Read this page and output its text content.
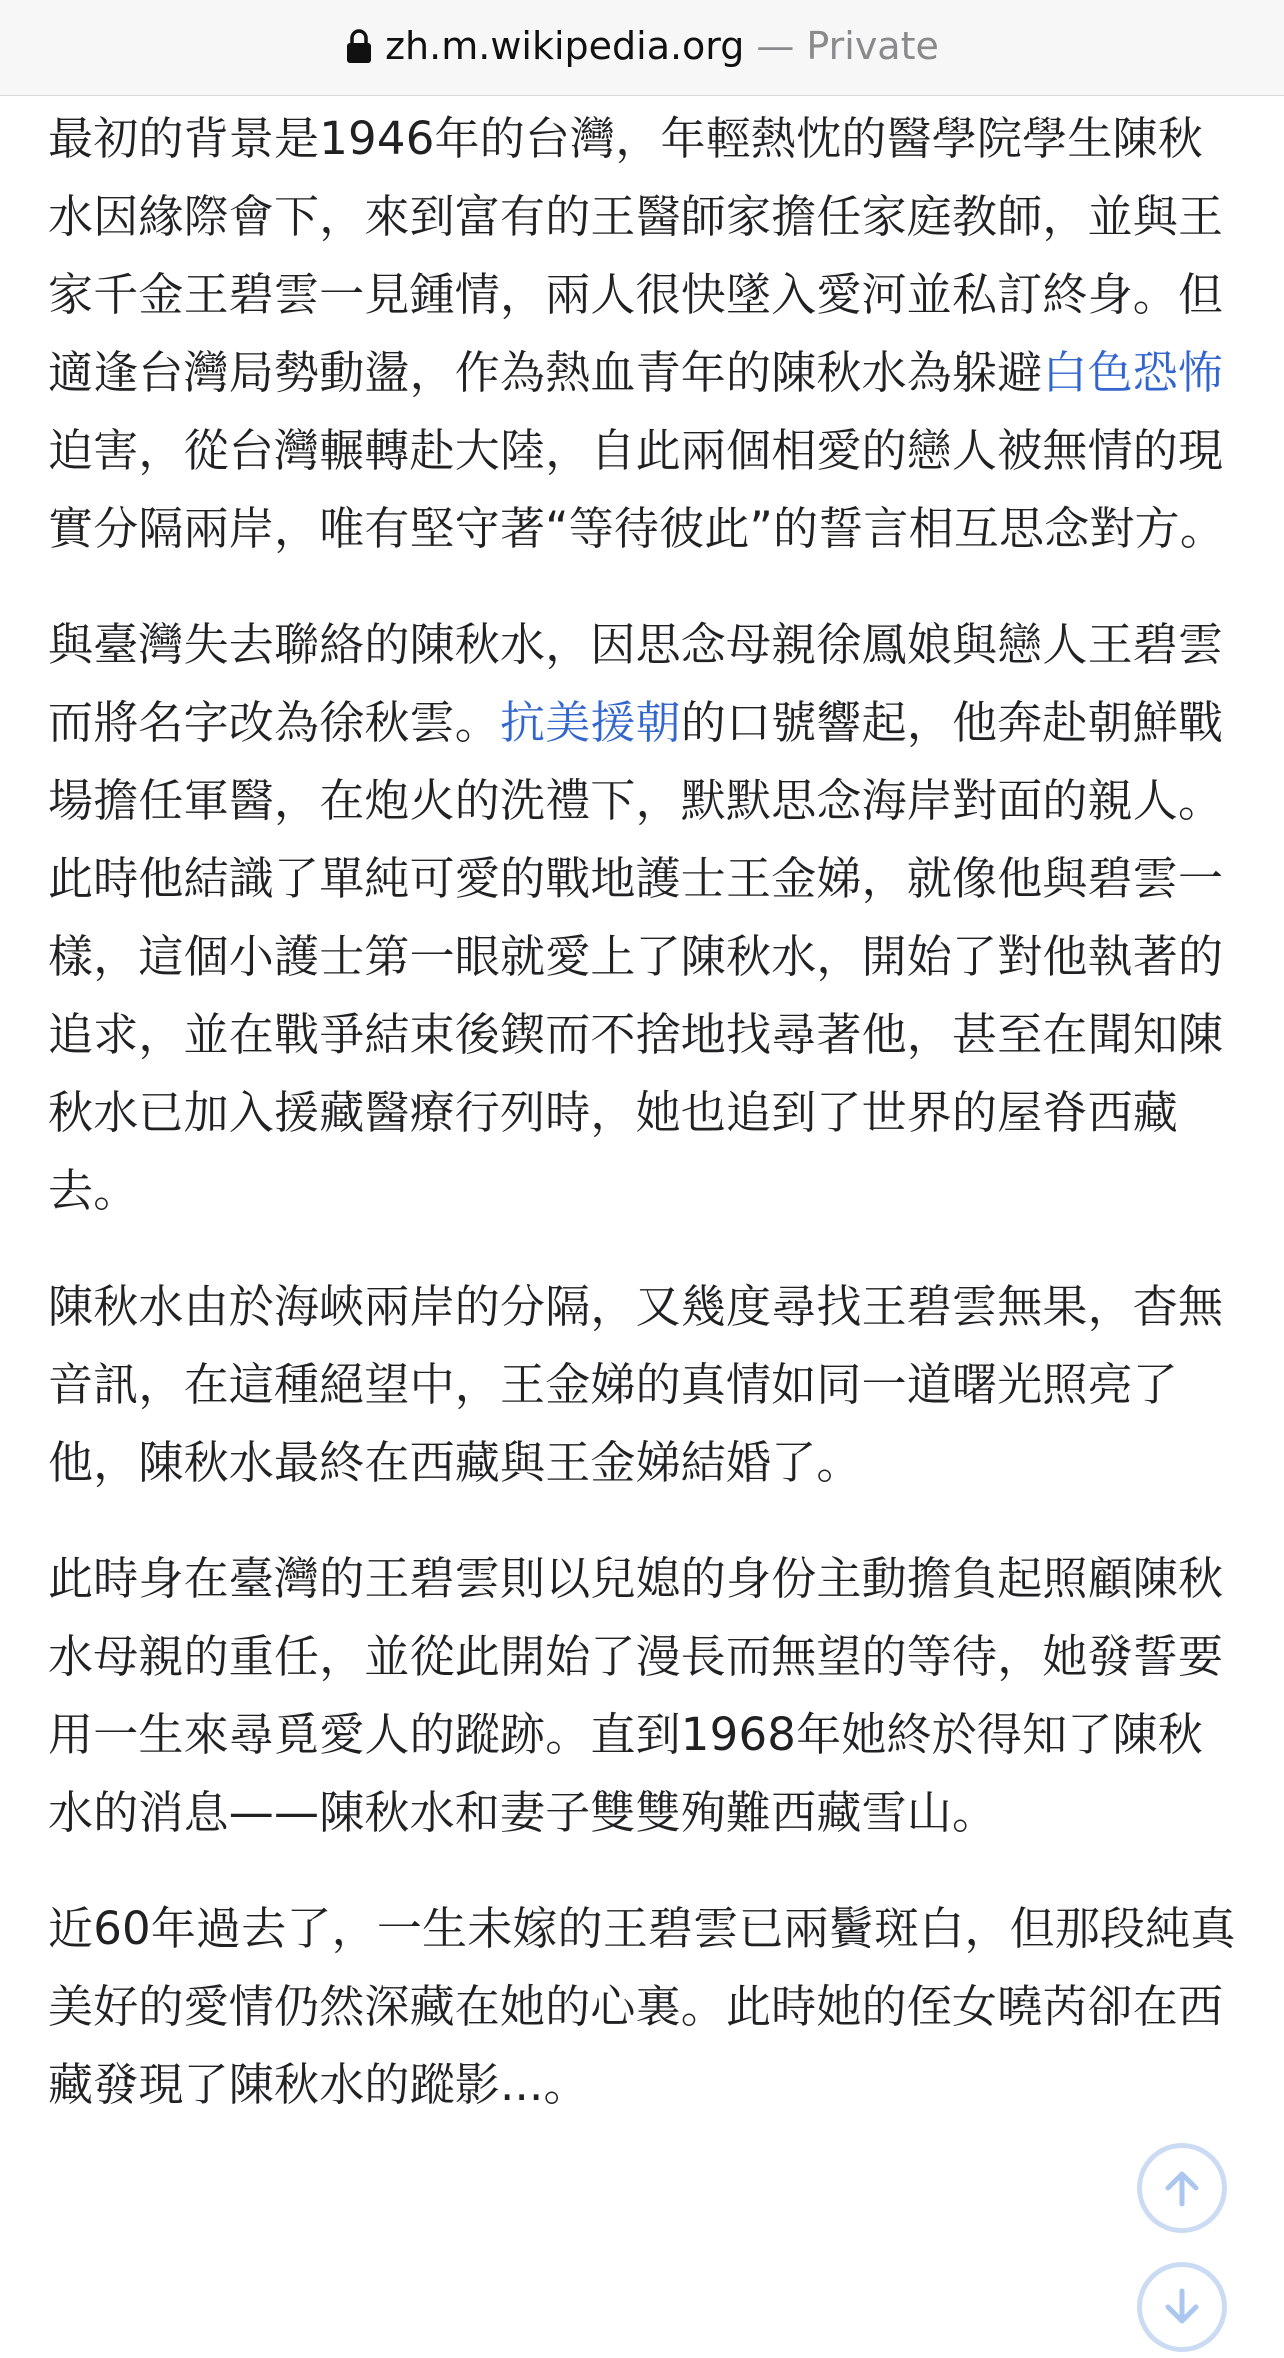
zh.m.wikipedia.org — Private

最初的背景是1946年的台灣，年輕熱忱的醫學院學生陳秋水因緣際會下，來到富有的王醫師家擔任家庭教師，並與王家千金王碧雲一見鍾情，兩人很快墜入愛河並私訂終身。但適逢台灣局勢動盪，作為熱血青年的陳秋水為躲避白色恐怖迫害，從台灣輾轉赴大陸，自此兩個相愛的戀人被無情的現實分隔兩岸，唯有堅守著“等待彼此”的誓言相互思念對方。

與臺灣失去聯絡的陳秋水，因思念母親徐鳳娘與戀人王碧雲而將名字改為徐秋雲。抗美援朝的口號響起，他奔赴朝鮮戰場擔任軍醫，在炮火的洗禮下，默默思念海岸對面的親人。此時他結識了單純可愛的戰地護士王金娣，就像他與碧雲一樣，這個小護士第一眼就愛上了陳秋水，開始了對他執著的追求，並在戰爭結束後鍥而不捨地找尋著他，甚至在聞知陳秋水已加入援藏醫療行列時，她也追到了世界的屋脊西藏去。

陳秋水由於海峽兩岸的分隔，又幾度尋找王碧雲無果，杳無音訊，在這種絕望中，王金娣的真情如同一道曙光照亮了他，陳秋水最終在西藏與王金娣結婚了。

此時身在臺灣的王碧雲則以兒媳的身份主動擔負起照顧陳秋水母親的重任，並從此開始了漫長而無望的等待，她發誓要用一生來尋覓愛人的蹤跡。直到1968年她終於得知了陳秋水的消息——陳秋水和妻子雙雙殉難西藏雪山。

近60年過去了，一生未嫁的王碧雲已兩鬢斑白，但那段純真美好的愛情仍然深藏在她的心裏。此時她的侄女曉芮卻在西藏發現了陳秋水的蹤影...。
